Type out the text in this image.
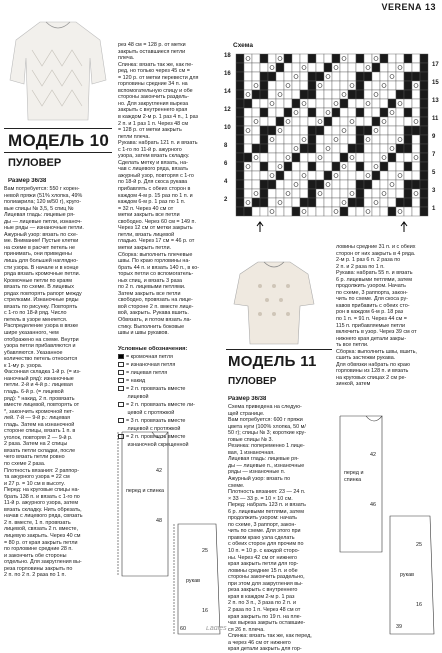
VERENA 13
МОДЕЛЬ 10
ПУЛОВЕР
Размер 36/38
Вам потребуется: 550 г корен-
невой пряжи (51% хлопка, 49%
полиакрила; 120 м/50 г), круго-
вые спицы № 3,5, 5 спиц №
Лицевая гладь: лицевые ря-
ды — лицевые петли, изнаноч-
ные ряды — изнаночные петли.
Ажурный узор: вязать по схе-
ме. Внимание! Пустые клетки
на схеме в расчет петель не
принимать, они приведены
лишь для большей наглядно-
сти узора. В начале и в конце
ряда вязать кромочные петли.
Кромочные петли по краям
вязать по схеме. В лицевых
рядах повторять рапорт между
стрелками. Изнаночные ряды
вязать по рисунку. Повторять
с 1-го по 18-й ряд. Число
петель в узоре меняется.
Распределение узора в вязке
шире указанного, чем
отображено на схеме. Внутри
узора петли прибавляются и
убавляются. Указанное
количество петель относится
к 1-му р. узора.
Фасонная складка 1-й р. (= из-
наночный ряд): изнаночные
петли. 2-й и 4-й р.: лицевая
гладь. 6-й р. (= лицевой
ряд): * накид, 2 п. провязать
вместе лицевой, повторять от
*, закончить кромочной пет-
лей. 7-й — 9-й р.: лицевая
гладь. Затем на изнаночной
стороне спицы, вязать 1 п. в
уголок, повторяя 2 — 9-й р.
2 раза. Затем на 2 спицы
вязать петли складки, после
чего вязать петли ровно
по схеме 2 раза.
Плотность вязания: 2 раппор-
та ажурного узора = 22 см
и 27 р. = 10 см в высоту.
Перед: на круговые спицы на-
брать 138 п. и вязать с 1-го по
11-й р. ажурного узора, затем
вязать складку. Нить обрезать,
начав с лицевого ряда, связать
2 п. вместе, 1 п. провязать
лицевой, связать 2 п. вместе,
лицевую закрыть. Через 40 см
= 80 р. от края закрыть петли
по горловине средние 28 п.
и закончить обе стороны
отдельно. Для закругления вы-
реза горловины закрыть по
2 п. по 2 п. 2 раза по 1 п.
рез 48 см = 128 р. от метки
закрыть оставшиеся петли
плеча.
Спинка: вязать так же, как пе-
ред, но только через 45 см =
= 120 р. от метки перевести для
горловины средние 34 п. на
вспомогательную спицу и обе
стороны закончить раздель-
но. Для закругления выреза
закрыть с внутреннего края
в каждом 2-м р. 1 раз 4 п., 1 раз
2 п. и 1 раз 1 п. Через 48 см
= 128 р. от метки закрыть
петли плеча.
Рукава: набрать 121 п. и вязать
с 1-го по 11-й р. ажурного
узора, затем вязать складку.
Сделать метку и вязать, на-
чав с лицевого ряда, вязать
ажурный узор, повторяя с 1-го
по 18-й р. Для скоса рукава
прибавлять с обеих сторон в
каждом 4-м р. 15 раз по 1 п. и
каждом 6-м р. 1 раз по 1 п.
= 32 п. Через 40 см от
метки закрыть все петли
свободно. Через 60 см = 149 п.
Через 12 см от метки закрыть
петли, вязать лицевой
гладью. Через 17 см = 46 р. от
метки закрыть петли.
Сборка: выполнить плечевые
швы. По краю горловины на-
брать 44 п. и вязать 140 п., в ко-
торых петли со вспомогатель-
ных спиц, и вязать 3 раза
по 2 п. лицевыми петлями.
Затем закрыть все петли
свободно, провязать на лице-
вой стороне 2 п. вместе лице-
вой, закрыть. Рукава вшить.
Обвязать, и потом вязать ла-
стику. Выполнить боковые
швы и швы рукавов.
Условные обозначения:
= кромочная петля
= изнаночная петля
= лицевая петля
= накид
= 2 п. провязать вместе
лицевой
= 2 п. провязать вместе ли-
цевой с протяжкой
= 3 п. провязать вместе
лицевой с протяжкой
= 2 п. провязать вместе
изнаночной скрещенной
Схема
18
16
14
12
10
8
6
4
2
17
15
13
11
9
7
5
3
1
МОДЕЛЬ 11
ПУЛОВЕР
Размер 36/38
Схема приведена на следую-
щей странице.
Вам потребуется: 600 г пряжи
цвета нуги (100% хлопка, 50 м/
50 г); спицы № 3; короткие кру-
говые спицы № 3.
Резинка: попеременно 1 лице-
вая, 1 изнаночная.
Лицевая гладь: лицевые ря-
ды — лицевые п., изнаночные
ряды — изнаночные п.
Ажурный узор: вязать по
схеме.
Плотность вязания: 23 — 24 п.
× 33 — 33 р. = 10 × 10 см.
Перед: набрать 123 п. и вязать
6 р. лицевыми петлями, затем
продолжить узором: начать
по схеме, 3 раппорт, закон-
чить по схеме. Для этого при
правом краю узла сделать
с обеих сторон для прочим по
10 п. = 10 р. с каждой сторо-
ны. Через 42 см от нижнего
края закрыть петли для гор-
ловины средние 15 п. и обе
стороны закончить раздельно,
при этом для закругления вы-
реза закрыть с внутреннего
края в каждом 2-м р. 1 раз
2 п. по 3 п., 3 раза по 2 п. и
2 раза по 1 п. Через 48 см от
края закрыть по 19 п. на пле-
чах выреза закрыть оставшие-
ся 26 п. плеча.
Спинка: вязать так же, как перед,
а через 46 см от нижнего
края детали закрыть для гор-
ловины средние 31 п. и с обеих
сторон от них закрыть в 4 ряда.
2-м р. 1 раз 6 п. 2 раза по
2 п. и 2 раза по 1 п.
Рукава: набрать 55 п. и вязать
6 р. лицевыми петлями, затем
продолжить узором. Начать
по схеме, 3 раппорта, закон-
чить по схеме. Для скоса ру-
кавов прибавить с обеих сто-
рон в каждом 6-м р. 18 раз
по 1 п. = 91 п. Через 44 см =
115 п. прибавляемые петли
включить в узор. Через 39 см от
нижнего края детали закры-
ть все петли.
Сборка: выполнить швы, вшить,
сшить застежки рукава.
Для обвязки набрать по краю
горловины из 128 п. и вязать
на круговых спицах 2 см ре-
зинкой, затем
перед и спинка
рукав
42
48
25
16
60
перед и спинка
рукав
42
46
25
16
39
Ladies
